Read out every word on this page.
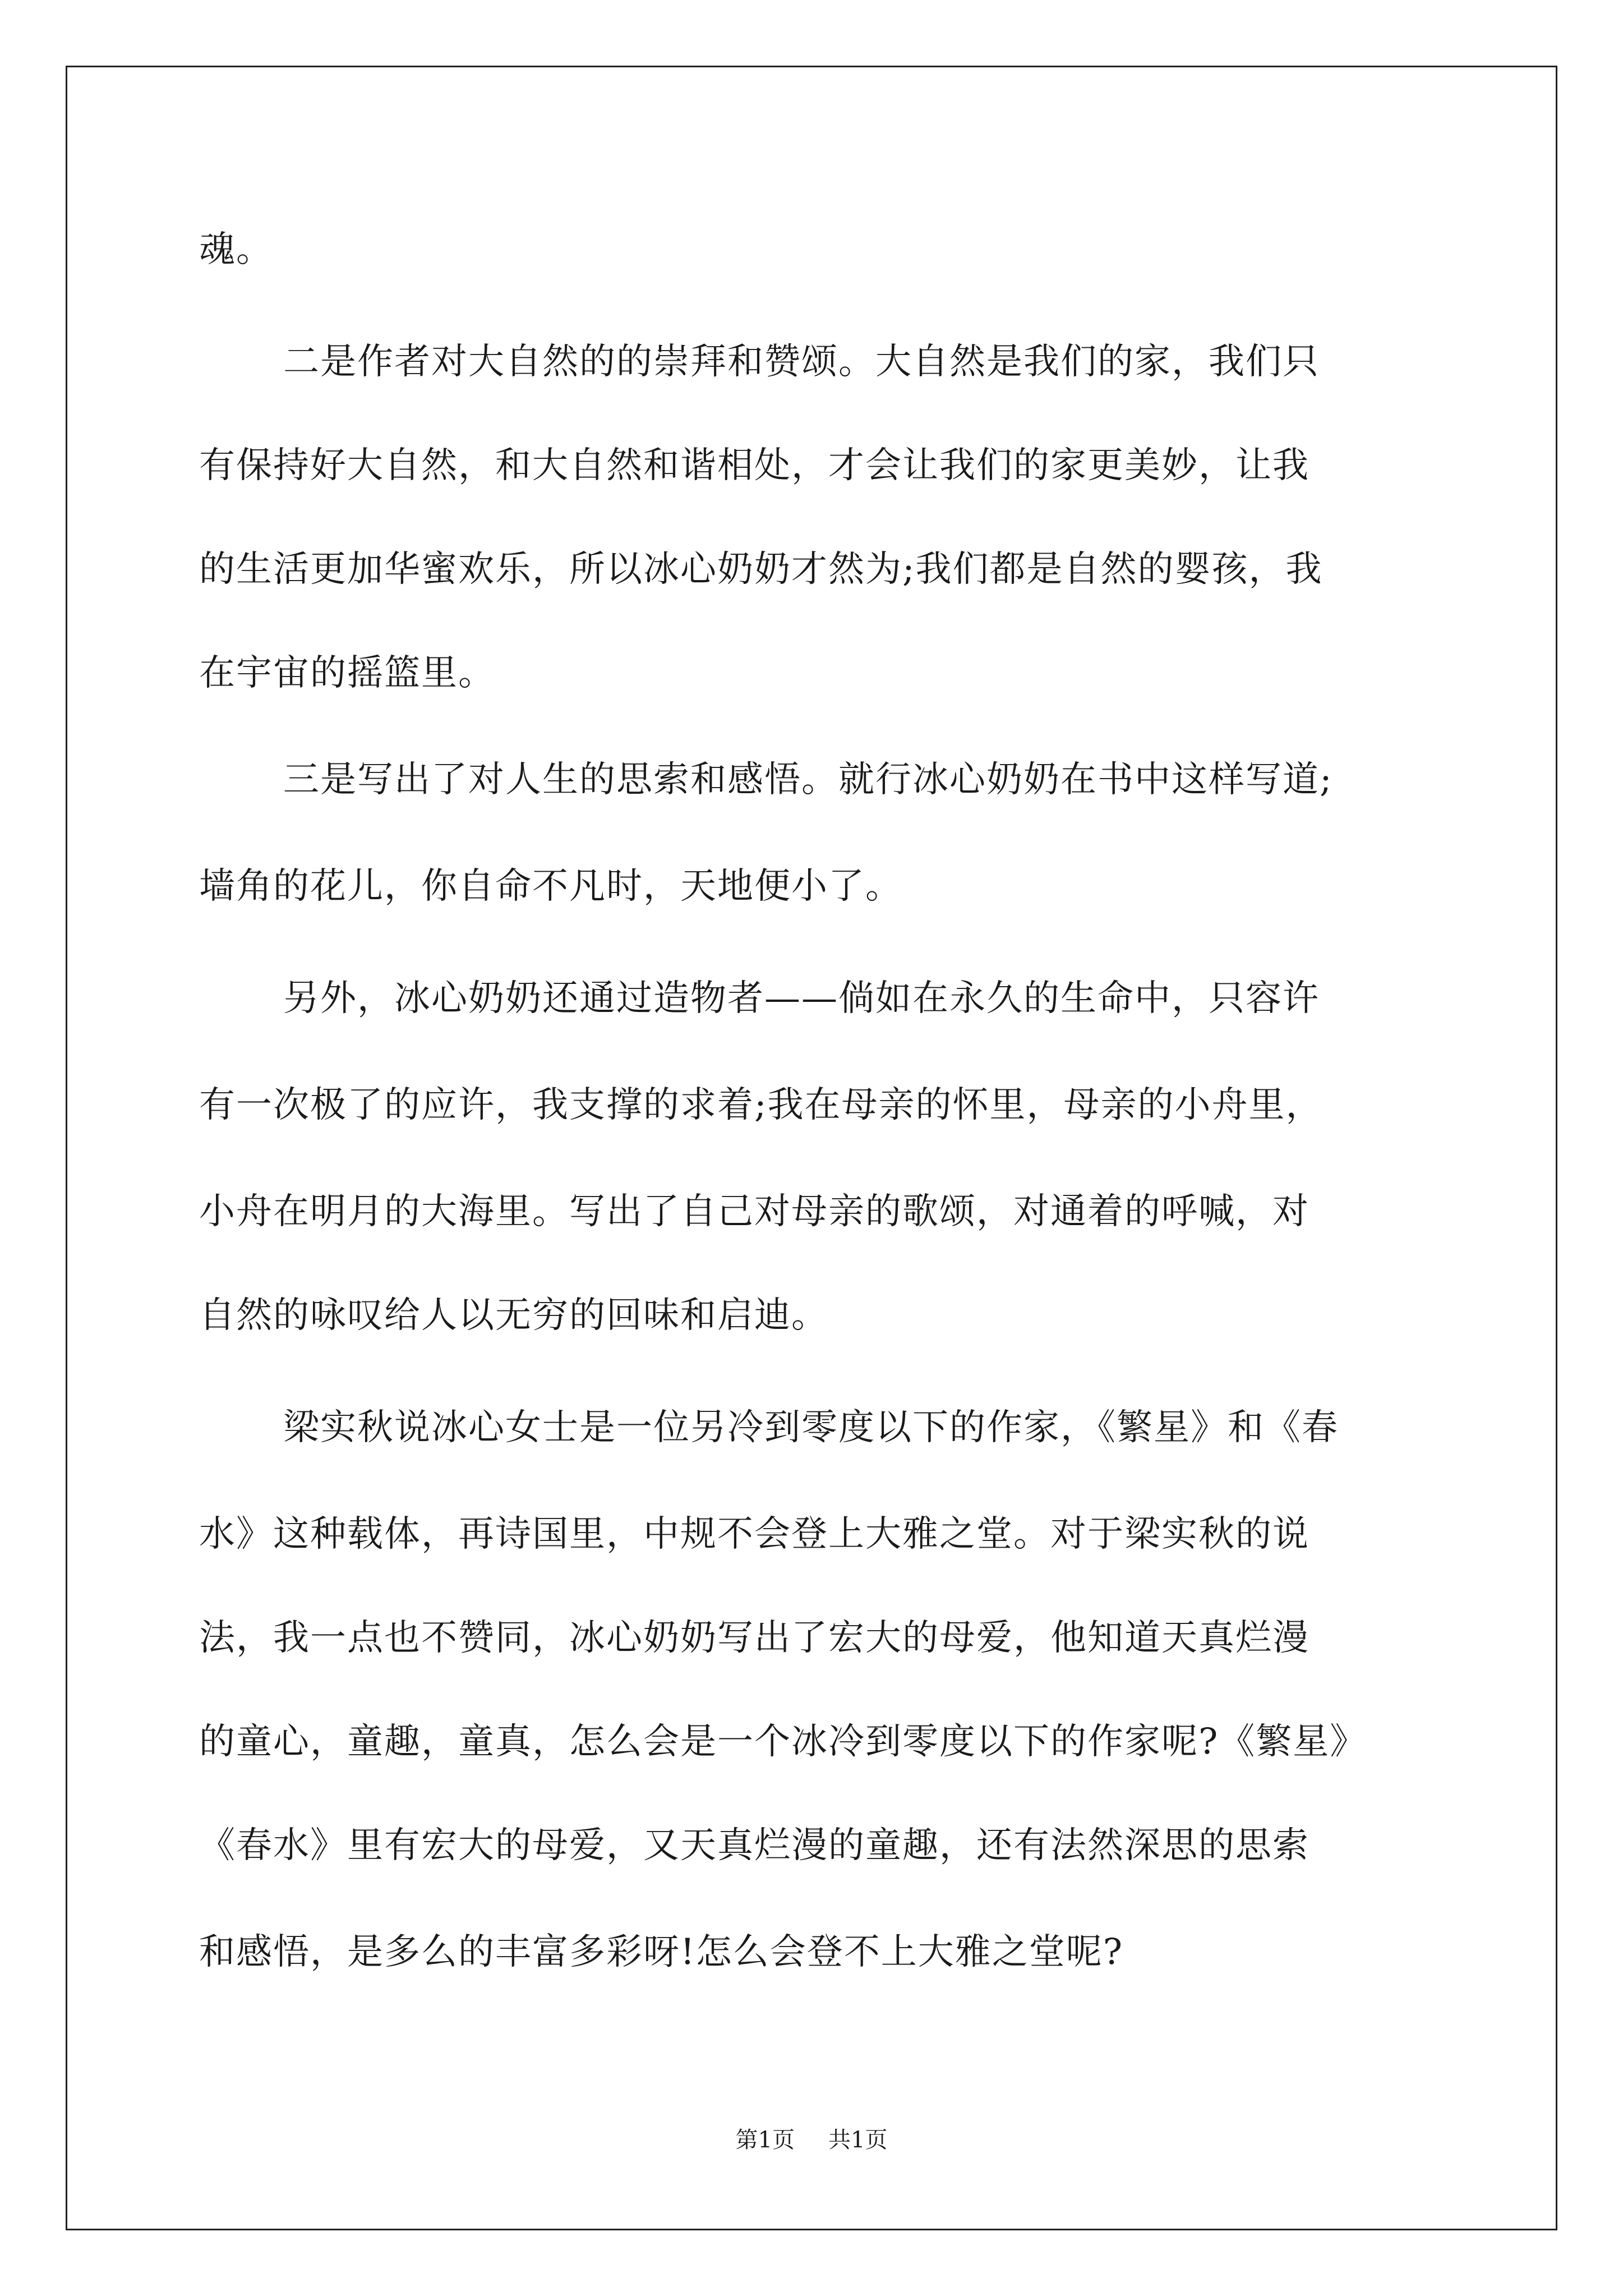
魂。
二是作者对大自然的的崇拜和赞颂。大自然是我们的家，我们只
有保持好大自然，和大自然和谐相处，才会让我们的家更美妙，让我
的生活更加华蜜欢乐，所以冰心奶奶才然为;我们都是自然的婴孩，我
在宇宙的摇篮里。
三是写出了对人生的思索和感悟。就行冰心奶奶在书中这样写道;
墙角的花儿，你自命不凡时，天地便小了。
另外，冰心奶奶还通过造物者——倘如在永久的生命中，只容许
有一次极了的应许，我支撑的求着;我在母亲的怀里，母亲的小舟里，
小舟在明月的大海里。写出了自己对母亲的歌颂，对通着的呼喊，对
自然的咏叹给人以无穷的回味和启迪。
梁实秋说冰心女士是一位另冷到零度以下的作家，《繁星》和《春
水》这种载体，再诗国里，中规不会登上大雅之堂。对于梁实秋的说
法，我一点也不赞同，冰心奶奶写出了宏大的母爱，他知道天真烂漫
的童心，童趣，童真，怎么会是一个冰冷到零度以下的作家呢?《繁星》
《春水》里有宏大的母爱，又天真烂漫的童趣，还有法然深思的思索
和感悟，是多么的丰富多彩呀!怎么会登不上大雅之堂呢?
第1页 共1页
